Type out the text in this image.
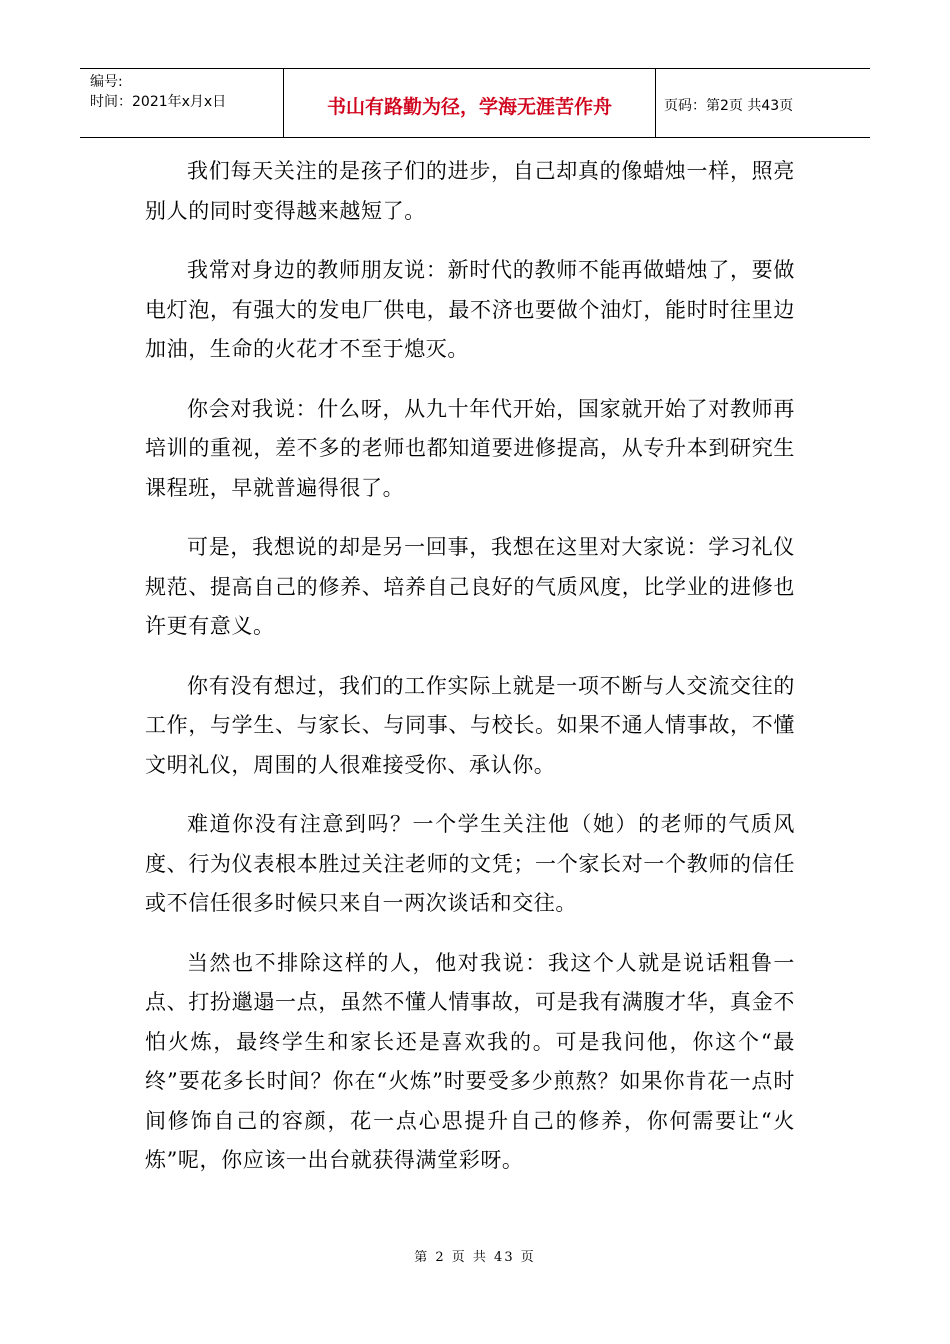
编号:
时间：2021年x月x日	书山有路勤为径，学海无涯苦作舟	页码：第2页 共43页

我们每天关注的是孩子们的进步，自己却真的像蜡烛一样，照亮别人的同时变得越来越短了。

我常对身边的教师朋友说：新时代的教师不能再做蜡烛了，要做电灯泡，有强大的发电厂供电，最不济也要做个油灯，能时时往里边加油，生命的火花才不至于熄灭。

你会对我说：什么呀，从九十年代开始，国家就开始了对教师再培训的重视，差不多的老师也都知道要进修提高，从专升本到研究生课程班，早就普遍得很了。

可是，我想说的却是另一回事，我想在这里对大家说：学习礼仪规范、提高自己的修养、培养自己良好的气质风度，比学业的进修也许更有意义。

你有没有想过，我们的工作实际上就是一项不断与人交流交往的工作，与学生、与家长、与同事、与校长。如果不通人情事故，不懂文明礼仪，周围的人很难接受你、承认你。

难道你没有注意到吗？一个学生关注他（她）的老师的气质风度、行为仪表根本胜过关注老师的文凭；一个家长对一个教师的信任或不信任很多时候只来自一两次谈话和交往。

当然也不排除这样的人，他对我说：我这个人就是说话粗鲁一点、打扮邋遢一点，虽然不懂人情事故，可是我有满腹才华，真金不怕火炼，最终学生和家长还是喜欢我的。可是我问他，你这个“最终”要花多长时间？你在“火炼”时要受多少煎熬？如果你肯花一点时间修饰自己的容颜，花一点心思提升自己的修养，你何需要让“火炼”呢，你应该一出台就获得满堂彩呀。

第 2 页 共 43 页
